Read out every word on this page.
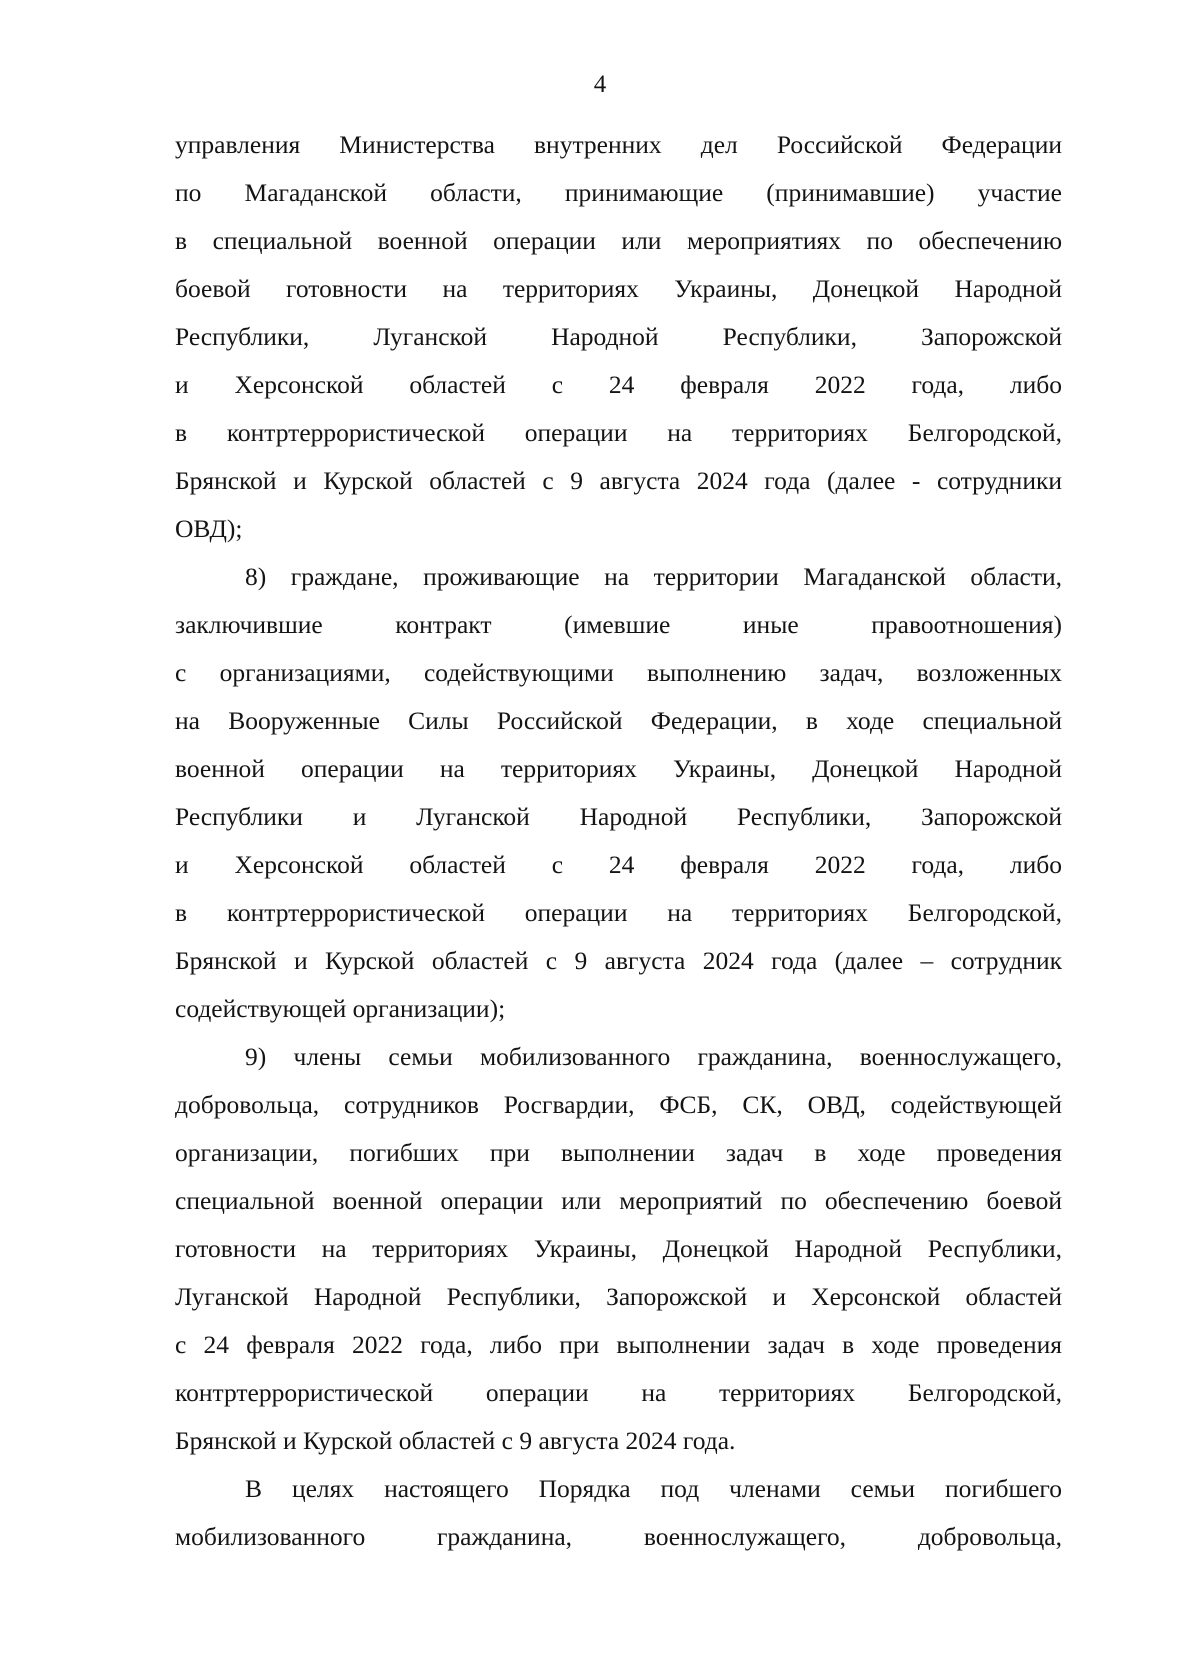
4
управления Министерства внутренних дел Российской Федерации
по Магаданской области, принимающие (принимавшие) участие
в специальной военной операции или мероприятиях по обеспечению
боевой готовности на территориях Украины, Донецкой Народной
Республики, Луганской Народной Республики, Запорожской
и Херсонской областей с 24 февраля 2022 года, либо
в контртеррористической операции на территориях Белгородской,
Брянской и Курской областей с 9 августа 2024 года (далее - сотрудники
ОВД);
8) граждане, проживающие на территории Магаданской области,
заключившие контракт (имевшие иные правоотношения)
с организациями, содействующими выполнению задач, возложенных
на Вооруженные Силы Российской Федерации, в ходе специальной
военной операции на территориях Украины, Донецкой Народной
Республики и Луганской Народной Республики, Запорожской
и Херсонской областей с 24 февраля 2022 года, либо
в контртеррористической операции на территориях Белгородской,
Брянской и Курской областей с 9 августа 2024 года (далее – сотрудник
содействующей организации);
9) члены семьи мобилизованного гражданина, военнослужащего,
добровольца, сотрудников Росгвардии, ФСБ, СК, ОВД, содействующей
организации, погибших при выполнении задач в ходе проведения
специальной военной операции или мероприятий по обеспечению боевой
готовности на территориях Украины, Донецкой Народной Республики,
Луганской Народной Республики, Запорожской и Херсонской областей
с 24 февраля 2022 года, либо при выполнении задач в ходе проведения
контртеррористической операции на территориях Белгородской,
Брянской и Курской областей с 9 августа 2024 года.
В целях настоящего Порядка под членами семьи погибшего
мобилизованного гражданина, военнослужащего, добровольца,
